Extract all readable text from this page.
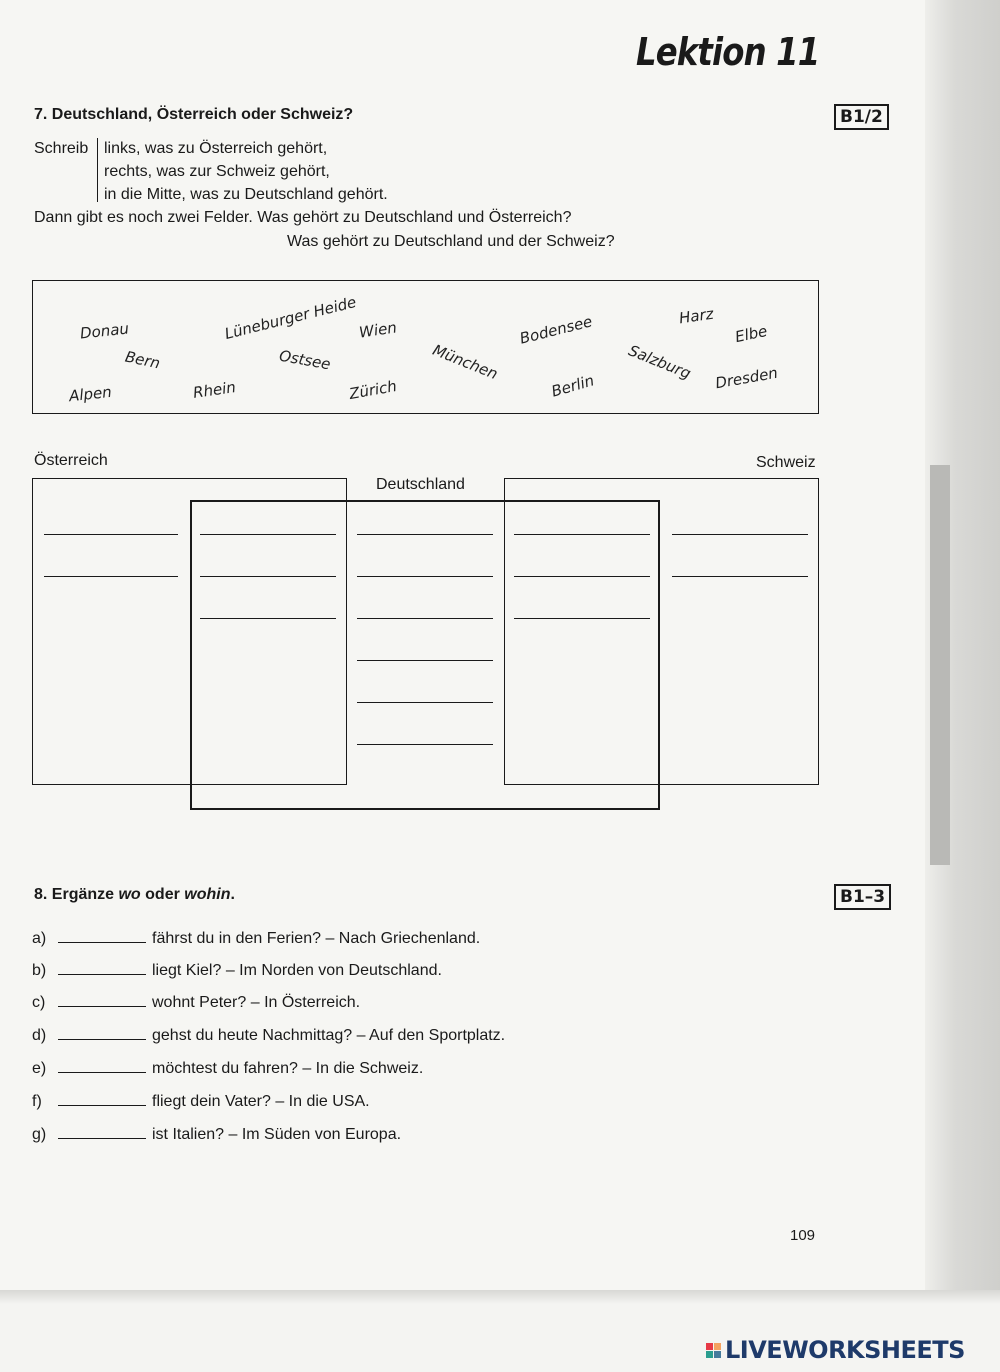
Lektion 11
7. Deutschland, Österreich oder Schweiz?	B1/2
Schreib links, was zu Österreich gehört,
rechts, was zur Schweiz gehört,
in die Mitte, was zu Deutschland gehört.
Dann gibt es noch zwei Felder. Was gehört zu Deutschland und Österreich?
Was gehört zu Deutschland und der Schweiz?
Donau
Bern
Alpen
Lüneburger Heide
Rhein
Ostsee
Wien
Zürich
München
Bodensee
Berlin
Harz
Salzburg
Elbe
Dresden
Österreich
Deutschland
Schweiz
8. Ergänze wo oder wohin.	B1–3
a)	fährst du in den Ferien? – Nach Griechenland.
b)	liegt Kiel? – Im Norden von Deutschland.
c)	wohnt Peter? – In Österreich.
d)	gehst du heute Nachmittag? – Auf den Sportplatz.
e)	möchtest du fahren? – In die Schweiz.
f)	fliegt dein Vater? – In die USA.
g)	ist Italien? – Im Süden von Europa.
109
LIVEWORKSHEETS
